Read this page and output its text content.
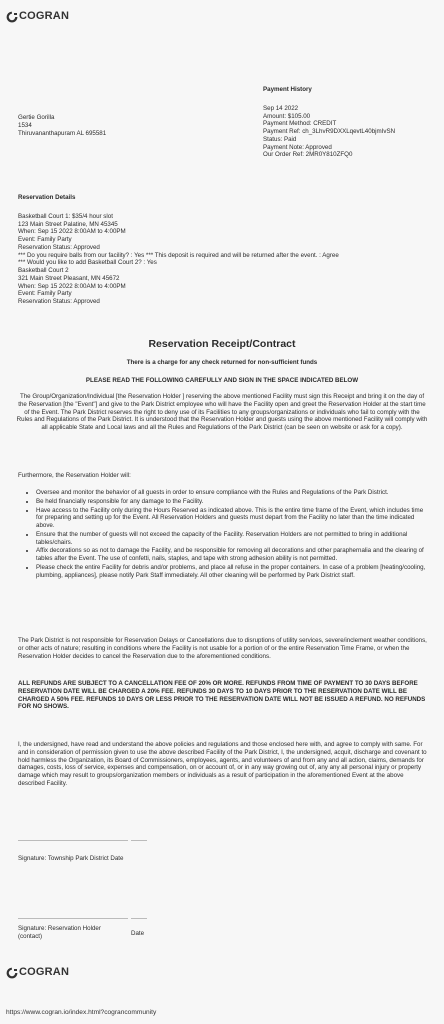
COGRAN
Payment History
Sep 14 2022
Amount: $105.00
Payment Method: CREDIT
Payment Ref: ch_3LhvR9DXXLqevtL40bjmIvSN
Status: Paid
Payment Note: Approved
Our Order Ref: 2MR0Y810ZFQ0
Gertie Gorilla
1534
Thiruvananthapuram AL 695581
Reservation Details
Basketball Court 1: $35/4 hour slot
123 Main Street Palatine, MN 45345
When: Sep 15 2022 8:00AM to 4:00PM
Event: Family Party
Reservation Status: Approved
*** Do you require balls from our facility? : Yes *** This deposit is required and will be returned after the event. : Agree
*** Would you like to add Basketball Court 2? : Yes
Basketball Court 2
321 Main Street Pleasant, MN 45672
When: Sep 15 2022 8:00AM to 4:00PM
Event: Family Party
Reservation Status: Approved
Reservation Receipt/Contract
There is a charge for any check returned for non-sufficient funds
PLEASE READ THE FOLLOWING CAREFULLY AND SIGN IN THE SPACE INDICATED BELOW
The Group/Organization/Individual [the Reservation Holder ] reserving the above mentioned Facility must sign this Receipt and bring it on the day of the Reservation [the "Event"] and give to the Park District employee who will have the Facility open and greet the Reservation Holder at the start time of the Event. The Park District reserves the right to deny use of its Facilities to any groups/organizations or individuals who fail to comply with the Rules and Regulations of the Park District. It is understood that the Reservation Holder and guests using the above mentioned Facility will comply with all applicable State and Local laws and all the Rules and Regulations of the Park District (can be seen on website or ask for a copy).
Furthermore, the Reservation Holder will:
• Oversee and monitor the behavior of all guests in order to ensure compliance with the Rules and Regulations of the Park District.
• Be held financially responsible for any damage to the Facility.
• Have access to the Facility only during the Hours Reserved as indicated above. This is the entire time frame of the Event, which includes time for preparing and setting up for the Event. All Reservation Holders and guests must depart from the Facility no later than the time indicated above.
• Ensure that the number of guests will not exceed the capacity of the Facility. Reservation Holders are not permitted to bring in additional tables/chairs.
• Affix decorations so as not to damage the Facility, and be responsible for removing all decorations and other paraphernalia and the clearing of tables after the Event. The use of confetti, nails, staples, and tape with strong adhesion ability is not permitted.
• Please check the entire Facility for debris and/or problems, and place all refuse in the proper containers. In case of a problem [heating/cooling, plumbing, appliances], please notify Park Staff immediately. All other cleaning will be performed by Park District staff.
The Park District is not responsible for Reservation Delays or Cancellations due to disruptions of utility services, severe/inclement weather conditions, or other acts of nature; resulting in conditions where the Facility is not usable for a portion of or the entire Reservation Time Frame, or when the Reservation Holder decides to cancel the Reservation due to the aforementioned conditions.
ALL REFUNDS ARE SUBJECT TO A CANCELLATION FEE OF 20% OR MORE. REFUNDS FROM TIME OF PAYMENT TO 30 DAYS BEFORE RESERVATION DATE WILL BE CHARGED A 20% FEE. REFUNDS 30 DAYS TO 10 DAYS PRIOR TO THE RESERVATION DATE WILL BE CHARGED A 50% FEE. REFUNDS 10 DAYS OR LESS PRIOR TO THE RESERVATION DATE WILL NOT BE ISSUED A REFUND. NO REFUNDS FOR NO SHOWS.
I, the undersigned, have read and understand the above policies and regulations and those enclosed here with, and agree to comply with same. For and in consideration of permission given to use the above described Facility of the Park District, I, the undersigned, acquit, discharge and covenant to hold harmless the Organization, its Board of Commissioners, employees, agents, and volunteers of and from any and all action, claims, demands for damages, costs, loss of service, expenses and compensation, on or account of, or in any way growing out of, any any all personal injury or property damage which may result to groups/organization members or individuals as a result of participation in the aforementioned Event at the above described Facility.
Signature: Township Park District Date
Signature: Reservation Holder (contact)	Date
COGRAN
https://www.cogran.io/index.html?cograncommunity
